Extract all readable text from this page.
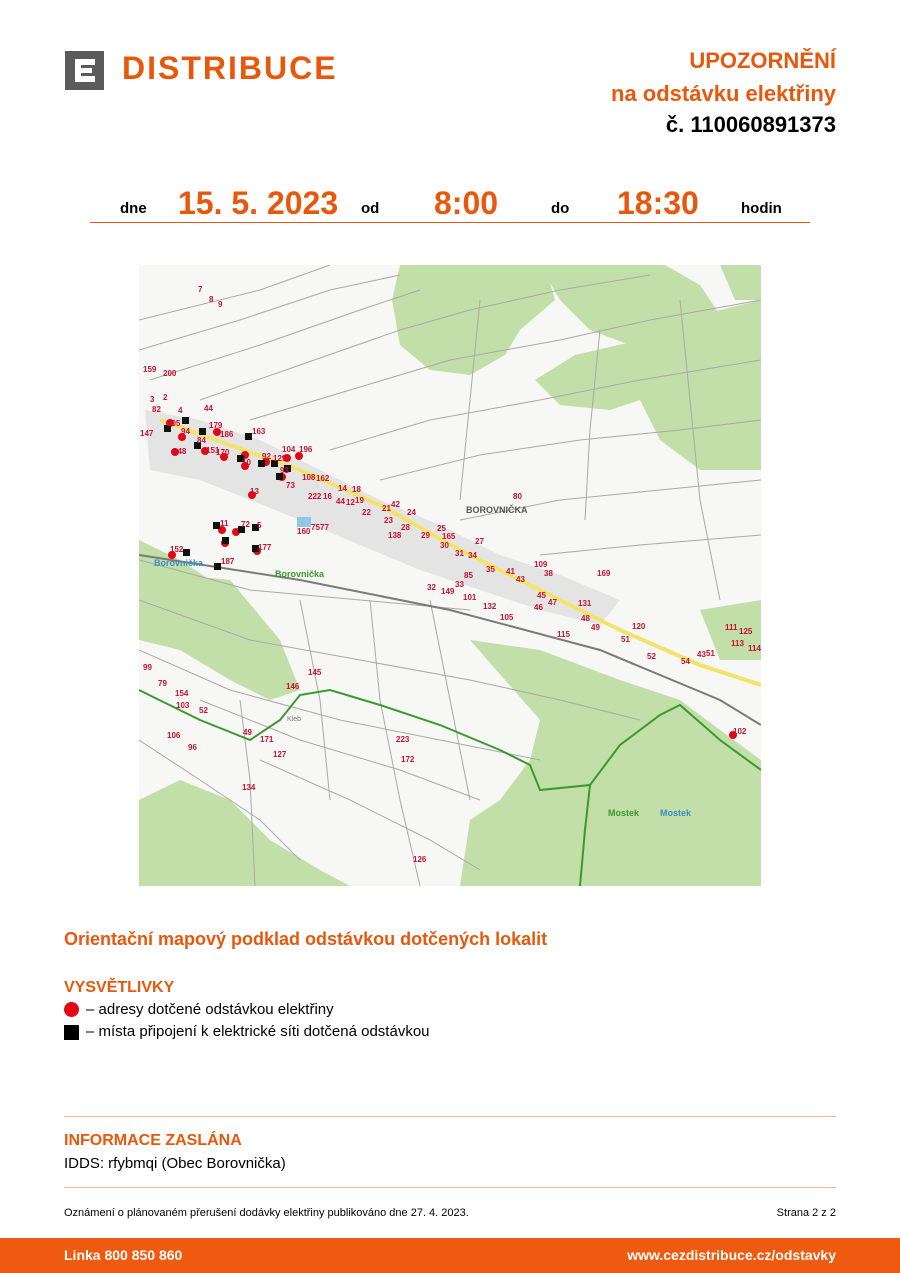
DISTRIBUCE	UPOZORNĚNÍ
na odstávku elektřiny
č. 110060891373
dne 15. 5. 2023 od 8:00	do 18:30	hodin
BOROVNIČKA
Borovnička
Borovnička
Mostek Mostek
Kleb
7
8
9
159 200
3 2
82 4	44
205	179
147	94	186 163
84
151
148	170	104 196
92 129
10
93
108 162
18
14
73
13
222 16
44 12 19	42
21
22	24
80
11 72 5
23
28	25
160 75 77
138 29 165
27
30
177
152	31 34
187	109
35 41	38	169
85	43
32 149
33
45
101
47	131
46
132
105	48
49	120	111 125
115
51	113
114
52	43 51
54
99
145
79	146
154
103
52
102
106	49
171	223
96
127
172
134
126
Orientační mapový podklad odstávkou dotčených lokalit
VYSVĚTLIVKY
– adresy dotčené odstávkou elektřiny
– místa připojení k elektrické síti dotčená odstávkou
INFORMACE ZASLÁNA
IDDS: rfybmqi (Obec Borovnička)
Oznámení o plánovaném přerušení dodávky elektřiny publikováno dne 27. 4. 2023.	Strana 2 z 2
Linka 800 850 860	www.cezdistribuce.cz/odstavky
